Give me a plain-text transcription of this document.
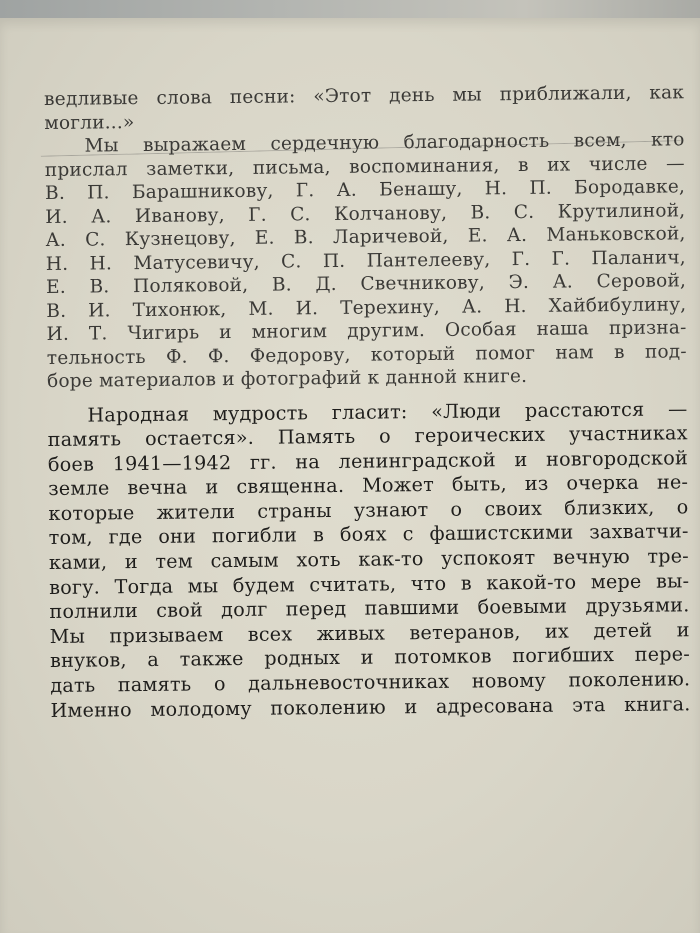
ведливые слова песни: «Этот день мы приближали, как
могли...»
Мы выражаем сердечную благодарность всем, кто
прислал заметки, письма, воспоминания, в их числе —
В. П. Барашникову, Г. А. Бенашу, Н. П. Бородавке,
И. А. Иванову, Г. С. Колчанову, В. С. Крутилиной,
А. С. Кузнецову, Е. В. Ларичевой, Е. А. Маньковской,
Н. Н. Матусевичу, С. П. Пантелееву, Г. Г. Паланич,
Е. В. Поляковой, В. Д. Свечникову, Э. А. Серовой,
В. И. Тихонюк, М. И. Терехину, А. Н. Хайбибулину,
И. Т. Чигирь и многим другим. Особая наша призна-
тельность Ф. Ф. Федорову, который помог нам в под-
боре материалов и фотографий к данной книге.
Народная мудрость гласит: «Люди расстаются —
память остается». Память о героических участниках
боев 1941—1942 гг. на ленинградской и новгородской
земле вечна и священна. Может быть, из очерка не-
которые жители страны узнают о своих близких, о
том, где они погибли в боях с фашистскими захватчи-
ками, и тем самым хоть как-то успокоят вечную тре-
вогу. Тогда мы будем считать, что в какой-то мере вы-
полнили свой долг перед павшими боевыми друзьями.
Мы призываем всех живых ветеранов, их детей и
внуков, а также родных и потомков погибших пере-
дать память о дальневосточниках новому поколению.
Именно молодому поколению и адресована эта книга.
